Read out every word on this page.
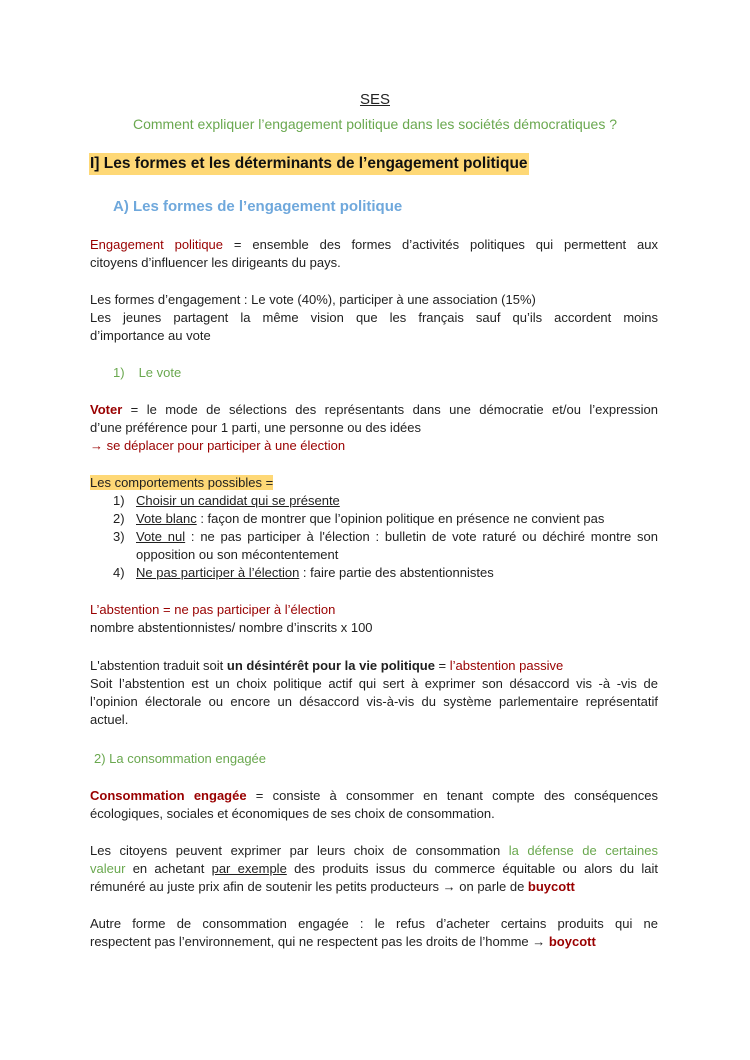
SES
Comment expliquer l’engagement politique dans les sociétés démocratiques ?
I] Les formes et les déterminants de l’engagement politique
A) Les formes de l’engagement politique
Engagement politique = ensemble des formes d’activités politiques qui permettent aux
citoyens d’influencer les dirigeants du pays.
Les formes d’engagement : Le vote (40%), participer à une association (15%)
Les jeunes partagent la même vision que les français sauf qu’ils accordent moins
d’importance au vote
1) Le vote
Voter = le mode de sélections des représentants dans une démocratie et/ou l’expression
d’une préférence pour 1 parti, une personne ou des idées
→ se déplacer pour participer à une élection
Les comportements possibles =
1) Choisir un candidat qui se présente
2) Vote blanc : façon de montrer que l’opinion politique en présence ne convient pas
3) Vote nul : ne pas participer à l'élection : bulletin de vote raturé ou déchiré montre son
opposition ou son mécontentement
4) Ne pas participer à l’élection : faire partie des abstentionnistes
L’abstention = ne pas participer à l’élection
nombre abstentionnistes/ nombre d’inscrits x 100
L'abstention traduit soit un désintérêt pour la vie politique = l’abstention passive
Soit l’abstention est un choix politique actif qui sert à exprimer son désaccord vis -à -vis de
l’opinion électorale ou encore un désaccord vis-à-vis du système parlementaire représentatif
actuel.
2) La consommation engagée
Consommation engagée = consiste à consommer en tenant compte des conséquences
écologiques, sociales et économiques de ses choix de consommation.
Les citoyens peuvent exprimer par leurs choix de consommation la défense de certaines
valeur en achetant par exemple des produits issus du commerce équitable ou alors du lait
rémunéré au juste prix afin de soutenir les petits producteurs → on parle de buycott
Autre forme de consommation engagée : le refus d’acheter certains produits qui ne
respectent pas l’environnement, qui ne respectent pas les droits de l’homme → boycott
